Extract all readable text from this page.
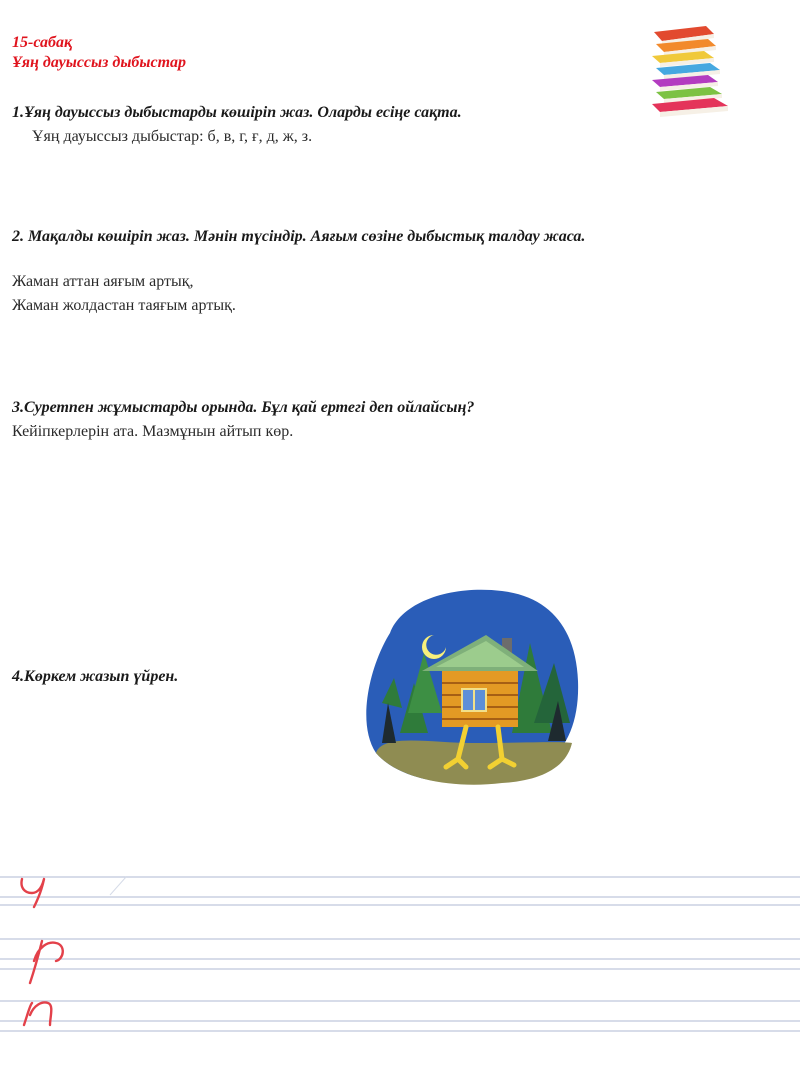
15-сабақ
Ұяң дауыссыз дыбыстар
1.Ұяң дауыссыз дыбыстарды көшіріп жаз. Оларды есіңе сақта.
Ұяң дауыссыз дыбыстар: б, в, г, ғ, д, ж, з.
2. Мақалды көшіріп жаз. Мәнін түсіндір. Аяғым сөзіне дыбыстық талдау жаса.
Жаман аттан аяғым артық,
Жаман жолдастан таяғым артық.
3.Суретпен жұмыстарды орында. Бұл қай ертегі деп ойлайсың?
Кейіпкерлерін ата. Мазмұнын айтып көр.
4.Көркем жазып үйрен.
